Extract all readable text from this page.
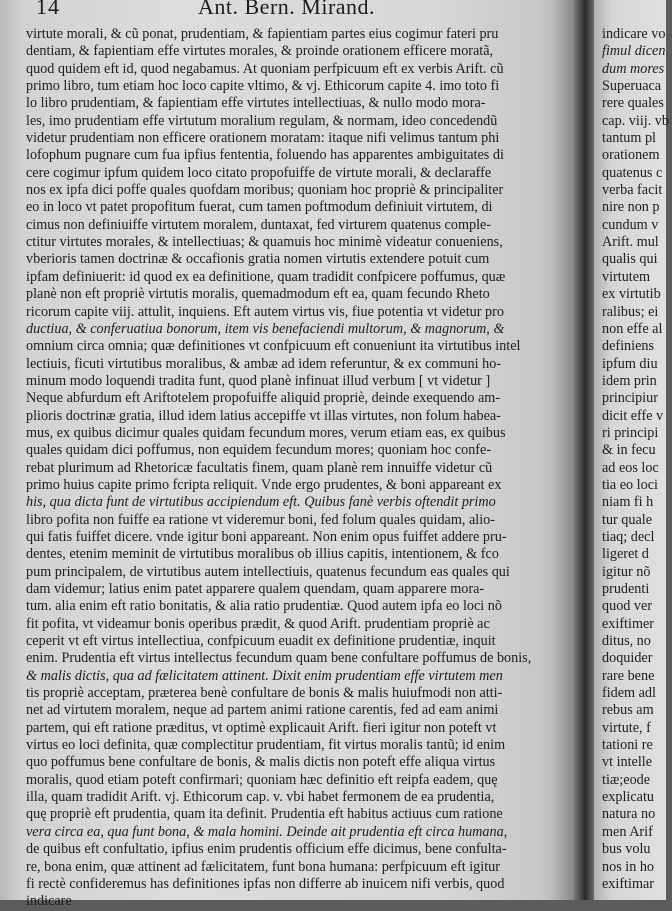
14	Ant. Bern. Mirand.
virtute morali, & cũ ponat, prudentiam, & fapientiam partes eius cogimur fateri pru
dentiam, & fapientiam effe virtutes morales, & proinde orationem efficere moratã,
quod quidem eft id, quod negabamus. At quoniam perfpicuum eft ex verbis Arift. cũ
primo libro, tum etiam hoc loco capite vltimo, & vj. Ethicorum capite 4. imo toto fi
lo libro prudentiam, & fapientiam effe virtutes intellectiuas, & nullo modo mora-
les, imo prudentiam effe virtutum moralium regulam, & normam, ideo concedendũ
videtur prudentiam non efficere orationem moratam: itaque nifi velimus tantum phi
lofophum pugnare cum fua ipfius fententia, foluendo has apparentes ambiguitates di
cere cogimur ipfum quidem loco citato propofuiffe de virtute morali, & declaraffe
nos ex ipfa dici poffe quales quofdam moribus; quoniam hoc propriè & principaliter
eo in loco vt patet propofitum fuerat, cum tamen poftmodum definiuit virtutem, di
cimus non definiuiffe virtutem moralem, duntaxat, fed virturem quatenus comple-
ctitur virtutes morales, & intellectiuas; & quamuis hoc minimè videatur conueniens,
vberioris tamen doctrinæ & occafionis gratia nomen virtutis extendere potuit cum
ipfam definiuerit: id quod ex ea definitione, quam tradidit confpicere poffumus, quæ
planè non eft propriè virtutis moralis, quemadmodum eft ea, quam fecundo Rheto
ricorum capite viij. attulit, inquiens. Eft autem virtus vis, fiue potentia vt videtur pro
ductiua, & conferuatiua bonorum, item vis benefaciendi multorum, & magnorum, &
omnium circa omnia; quæ definitiones vt confpicuum eft conueniunt ita virtutibus intel
lectiuis, ficuti virtutibus moralibus, & ambæ ad idem referuntur, & ex communi ho-
minum modo loquendi tradita funt, quod planè infinuat illud verbum [ vt videtur ]
Neque abfurdum eft Ariftotelem propofuiffe aliquid propriè, deinde exequendo am-
plioris doctrinæ gratia, illud idem latius accepiffe vt illas virtutes, non folum habea-
mus, ex quibus dicimur quales quidam fecundum mores, verum etiam eas, ex quibus
quales quidam dici poffumus, non equidem fecundum mores; quoniam hoc confe-
rebat plurimum ad Rhetoricæ facultatis finem, quam planè rem innuiffe videtur cũ
primo huius capite primo fcripta reliquit. Vnde ergo prudentes, & boni appareant ex
his, qua dicta funt de virtutibus accipiendum eft. Quibus fanè verbis oftendit primo
libro pofita non fuiffe ea ratione vt videremur boni, fed folum quales quidam, alio-
qui fatis fuiffet dicere. vnde igitur boni appareant. Non enim opus fuiffet addere pru-
dentes, etenim meminit de virtutibus moralibus ob illius capitis, intentionem, & fco
pum principalem, de virtutibus autem intellectiuis, quatenus fecundum eas quales qui
dam videmur; latius enim patet apparere qualem quendam, quam apparere mora-
tum. alia enim eft ratio bonitatis, & alia ratio prudentiæ. Quod autem ipfa eo loci nõ
fit pofita, vt videamur bonis operibus prædit, & quod Arift. prudentiam propriè ac
ceperit vt eft virtus intellectiua, confpicuum euadit ex definitione prudentiæ, inquit
enim. Prudentia eft virtus intellectus fecundum quam bene confultare poffumus de bonis,
& malis dictis, qua ad fælicitatem attinent. Dixit enim prudentiam effe virtutem men
tis propriè acceptam, præterea benè confultare de bonis & malis huiufmodi non atti-
net ad virtutem moralem, neque ad partem animi ratione carentis, fed ad eam animi
partem, qui eft ratione præditus, vt optimè explicauit Arift. fieri igitur non poteft vt
virtus eo loci definita, quæ complectitur prudentiam, fit virtus moralis tantũ; id enim
quo poffumus bene confultare de bonis, & malis dictis non poteft effe aliqua virtus
moralis, quod etiam poteft confirmari; quoniam hæc definitio eft reipfa eadem, quę
illa, quam tradidit Arift. vj. Ethicorum cap. v. vbi habet fermonem de ea prudentia,
quę propriè eft prudentia, quam ita definit. Prudentia eft habitus actiuus cum ratione
vera circa ea, qua funt bona, & mala homini. Deinde ait prudentia eft circa humana,
de quibus eft confultatio, ipfius enim prudentis officium effe dicimus, bene confulta-
re, bona enim, quæ attinent ad fælicitatem, funt bona humana: perfpicuum eft igitur
fi rectè confideremus has definitiones ipfas non differre ab inuicem nifi verbis, quod
indicare
indicare vo
fimul dicen
dum mores
Superuaca
rere quales
cap. viij. vb
tantum pl
orationem
quatenus c
verba facit
nire non p
cundum v
Arift. mul
qualis qui
virtutem
ex virtutib
ralibus; ei
non effe al
definiens
ipfum diu
idem prin
principiur
dicit effe v
ri principi
& in fecu
ad eos loc
tia eo loci
niam fi h
tur quale
tiaq; decl
ligeret d
igitur nõ
prudenti
quod ver
exiftimer
ditus, no
doquider
rare bene
fidem adl
rebus am
virtute, f
tationi re
vt intelle
tiæ;eode
explicatu
natura no
men Arif
bus volu
nos in ho
exiftimar
